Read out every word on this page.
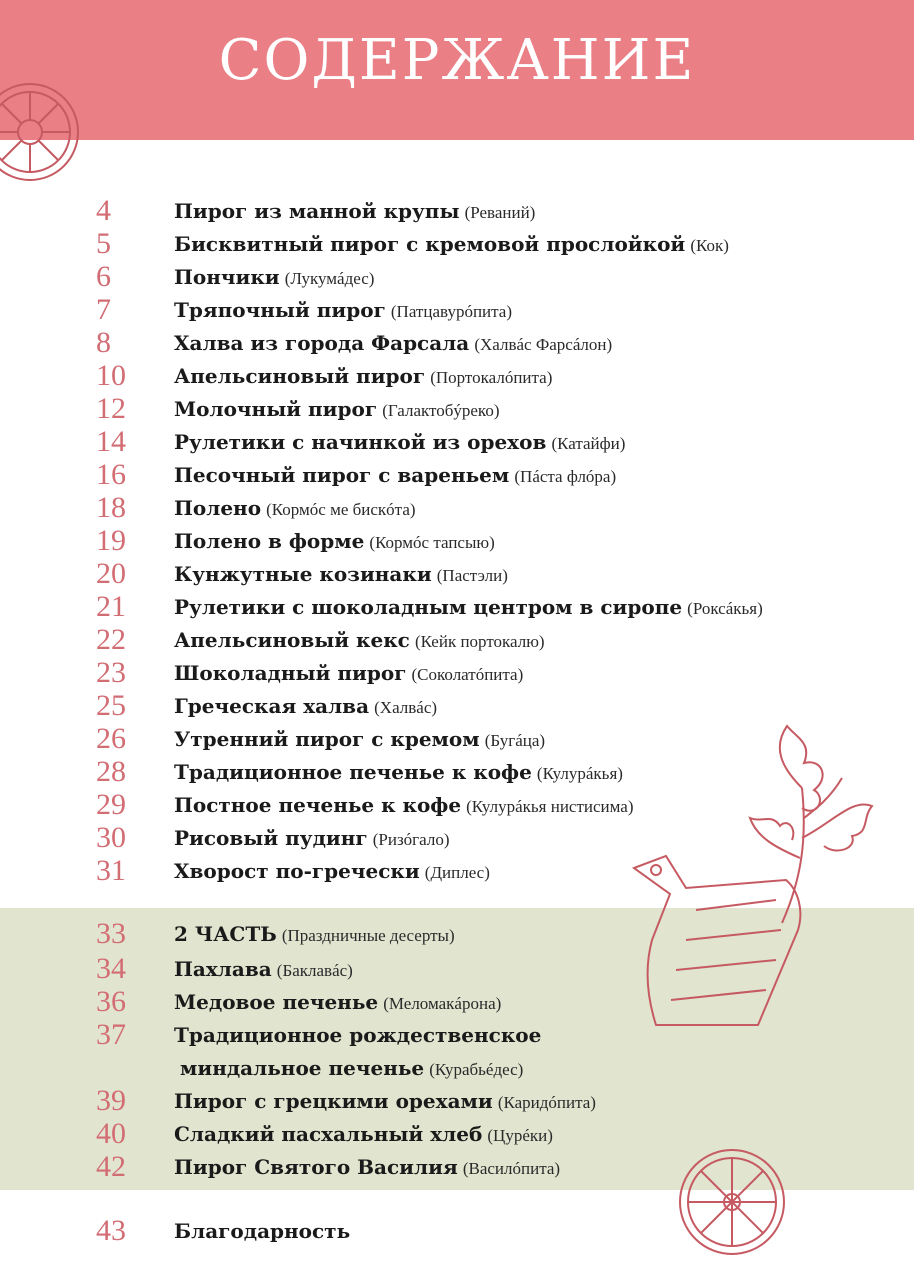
СОДЕРЖАНИЕ
4	Пирог из манной крупы (Реваний)
5	Бисквитный пирог с кремовой прослойкой (Кок)
6	Пончики (Лукумáдес)
7	Тряпочный пирог (Патцавурóпита)
8	Халва из города Фарсала (Халвáс Фарсáлон)
10 Апельсиновый пирог (Портокалóпита)
12 Молочный пирог (Галактобýреко)
14 Рулетики с начинкой из орехов (Катайфи)
16 Песочный пирог с вареньем (Пáста флóра)
18 Полено (Кормóс ме бискóта)
19 Полено в форме (Кормóс тапсыю)
20 Кунжутные козинаки (Пастэли)
21 Рулетики с шоколадным центром в сиропе (Роксáкья)
22 Апельсиновый кекс (Кейк портокалю)
23 Шоколадный пирог (Соколатóпита)
25 Греческая халва (Халвáс)
26 Утренний пирог с кремом (Бугáца)
28 Традиционное печенье к кофе (Кулурáкья)
29 Постное печенье к кофе (Кулурáкья нистисима)
30 Рисовый пудинг (Ризóгало)
31 Хворост по-гречески (Диплес)
33 2 ЧАСТЬ (Праздничные десерты)
34 Пахлава (Баклавáс)
36 Медовое печенье (Меломакáрона)
37 Традиционное рождественское
миндальное печенье (Курабьéдес)
39 Пирог с грецкими орехами (Каридóпита)
40 Сладкий пасхальный хлеб (Цурéки)
42 Пирог Святого Василия (Василóпита)
43 Благодарность
